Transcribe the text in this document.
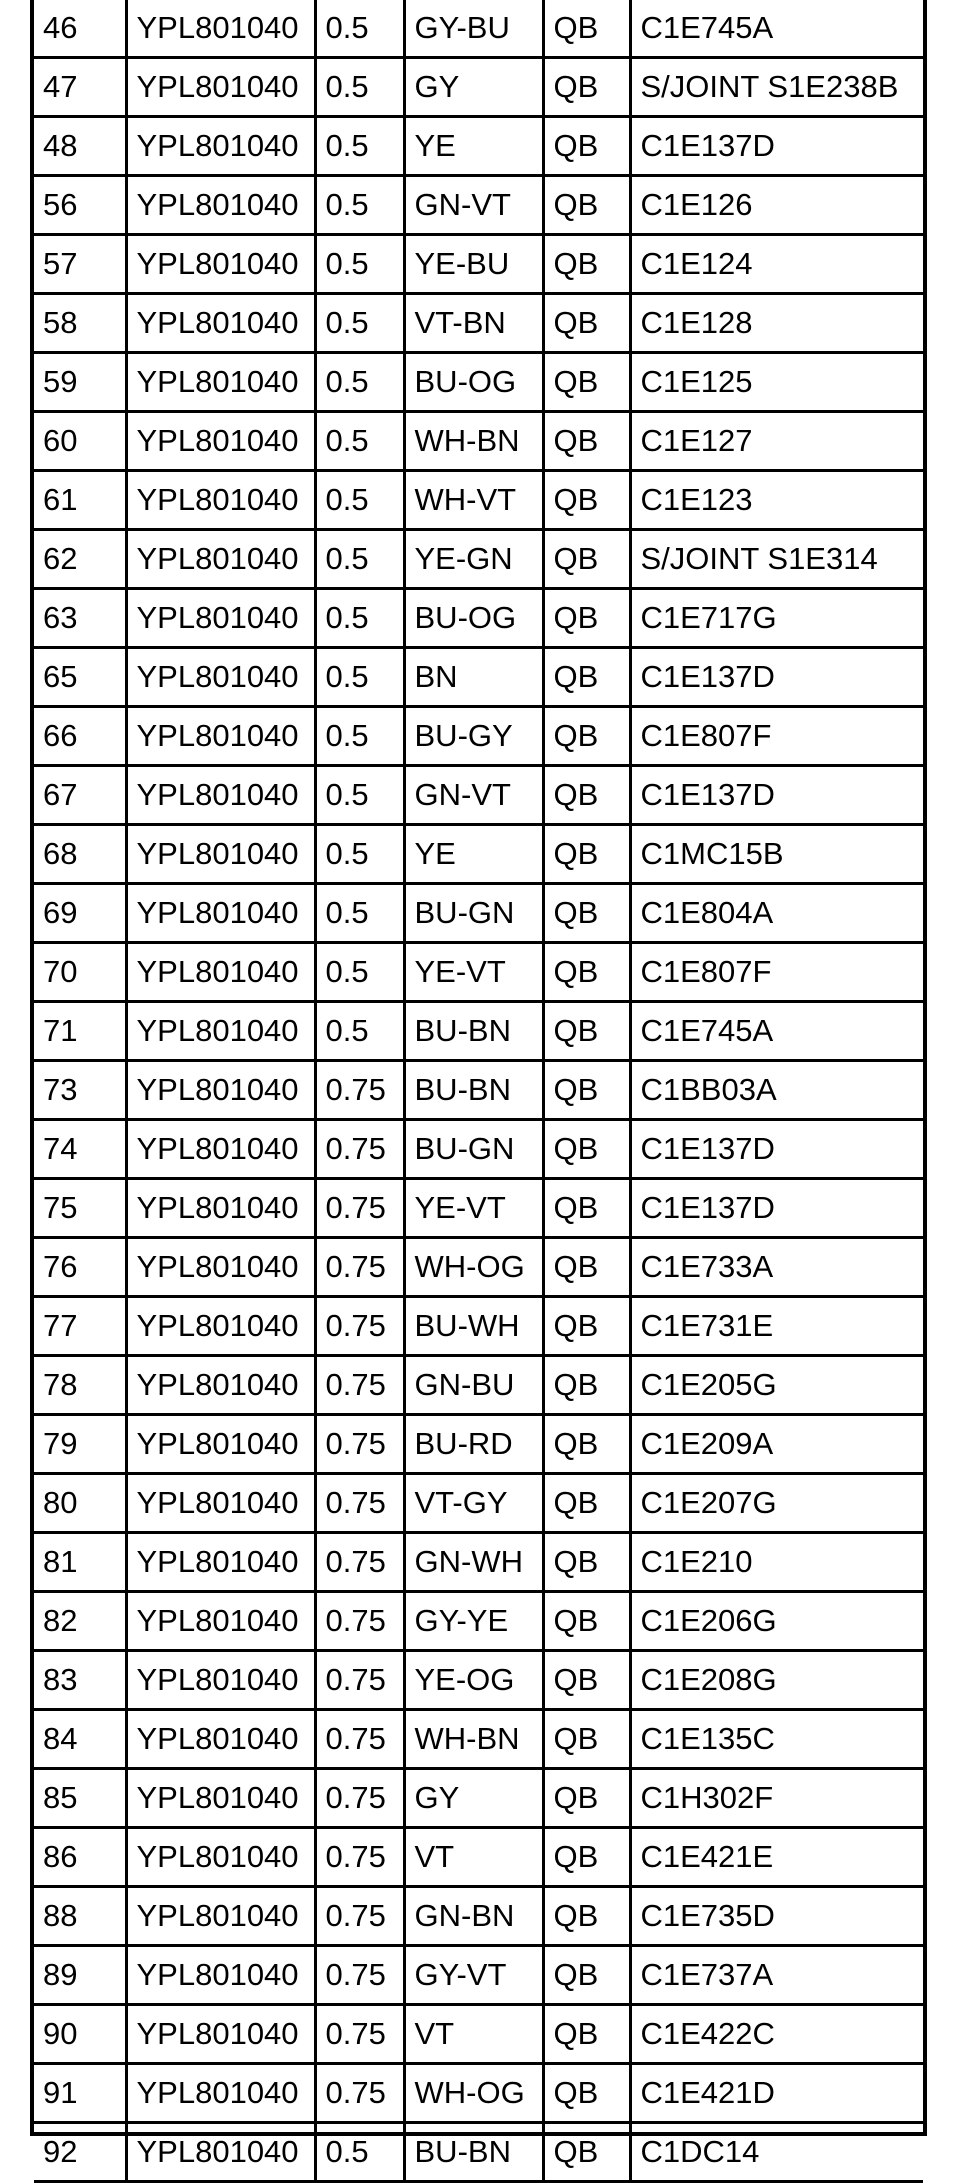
46	YPL801040	0.5	GY-BU	QB	C1E745A
47	YPL801040	0.5	GY	QB	S/JOINT S1E238B
48	YPL801040	0.5	YE	QB	C1E137D
56	YPL801040	0.5	GN-VT	QB	C1E126
57	YPL801040	0.5	YE-BU	QB	C1E124
58	YPL801040	0.5	VT-BN	QB	C1E128
59	YPL801040	0.5	BU-OG	QB	C1E125
60	YPL801040	0.5	WH-BN	QB	C1E127
61	YPL801040	0.5	WH-VT	QB	C1E123
62	YPL801040	0.5	YE-GN	QB	S/JOINT S1E314
63	YPL801040	0.5	BU-OG	QB	C1E717G
65	YPL801040	0.5	BN	QB	C1E137D
66	YPL801040	0.5	BU-GY	QB	C1E807F
67	YPL801040	0.5	GN-VT	QB	C1E137D
68	YPL801040	0.5	YE	QB	C1MC15B
69	YPL801040	0.5	BU-GN	QB	C1E804A
70	YPL801040	0.5	YE-VT	QB	C1E807F
71	YPL801040	0.5	BU-BN	QB	C1E745A
73	YPL801040	0.75	BU-BN	QB	C1BB03A
74	YPL801040	0.75	BU-GN	QB	C1E137D
75	YPL801040	0.75	YE-VT	QB	C1E137D
76	YPL801040	0.75	WH-OG	QB	C1E733A
77	YPL801040	0.75	BU-WH	QB	C1E731E
78	YPL801040	0.75	GN-BU	QB	C1E205G
79	YPL801040	0.75	BU-RD	QB	C1E209A
80	YPL801040	0.75	VT-GY	QB	C1E207G
81	YPL801040	0.75	GN-WH	QB	C1E210
82	YPL801040	0.75	GY-YE	QB	C1E206G
83	YPL801040	0.75	YE-OG	QB	C1E208G
84	YPL801040	0.75	WH-BN	QB	C1E135C
85	YPL801040	0.75	GY	QB	C1H302F
86	YPL801040	0.75	VT	QB	C1E421E
88	YPL801040	0.75	GN-BN	QB	C1E735D
89	YPL801040	0.75	GY-VT	QB	C1E737A
90	YPL801040	0.75	VT	QB	C1E422C
91	YPL801040	0.75	WH-OG	QB	C1E421D
92	YPL801040	0.5	BU-BN	QB	C1DC14
